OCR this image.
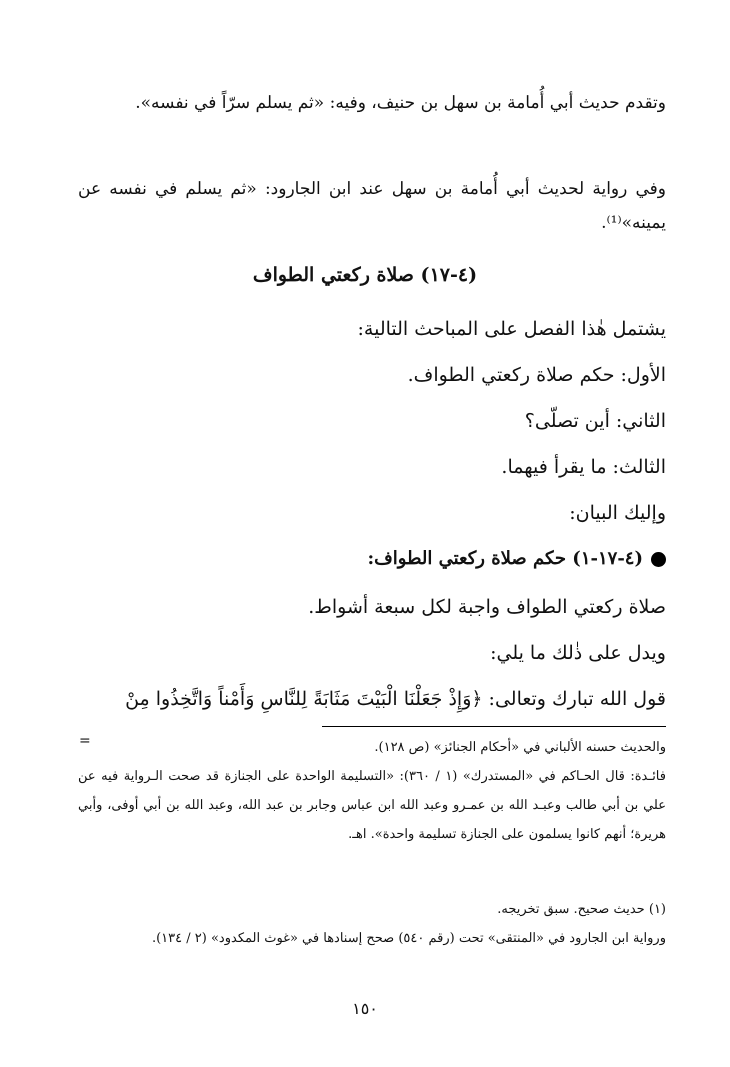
وتقدم حديث أبي أُمامة بن سهل بن حنيف، وفيه: «ثم يسلم سرّاً في نفسه».

وفي رواية لحديث أبي أُمامة بن سهل عند ابن الجارود: «ثم يسلم في نفسه عن يمينه»⁽¹⁾.

(٤-١٧) صلاة ركعتي الطواف
يشتمل هٰذا الفصل على المباحث التالية:
الأول: حكم صلاة ركعتي الطواف.
الثاني: أين تصلّى؟
الثالث: ما يقرأ فيهما.
وإليك البيان:
(٤-١٧-١) حكم صلاة ركعتي الطواف:
صلاة ركعتي الطواف واجبة لكل سبعة أشواط.
ويدل على ذٰلك ما يلي:
قول الله تبارك وتعالى: ﴿وَإِذْ جَعَلْنَا الْبَيْتَ مَثَابَةً لِلنَّاسِ وَأَمْناً وَاتَّخِذُوا مِنْ
=	والحديث حسنه الألباني في «أحكام الجنائز» (ص ١٢٨).

فائـدة: قال الحـاكم في «المستدرك» (١ / ٣٦٠): «التسليمة الواحدة على الجنازة قد صحت الـرواية فيه عن علي بن أبي طالب وعبـد الله بن عمـرو وعبد الله ابن عباس وجابر بن عبد الله، وعبد الله بن أبي أوفى، وأبي هريرة؛ أنهم كانوا يسلمون على الجنازة تسليمة واحدة». اهـ.

(١) حديث صحيح. سبق تخريجه.

ورواية ابن الجارود في «المنتقى» تحت (رقم ٥٤٠) صحح إسنادها في «غوث المكدود» (٢ / ١٣٤).

١٥٠
